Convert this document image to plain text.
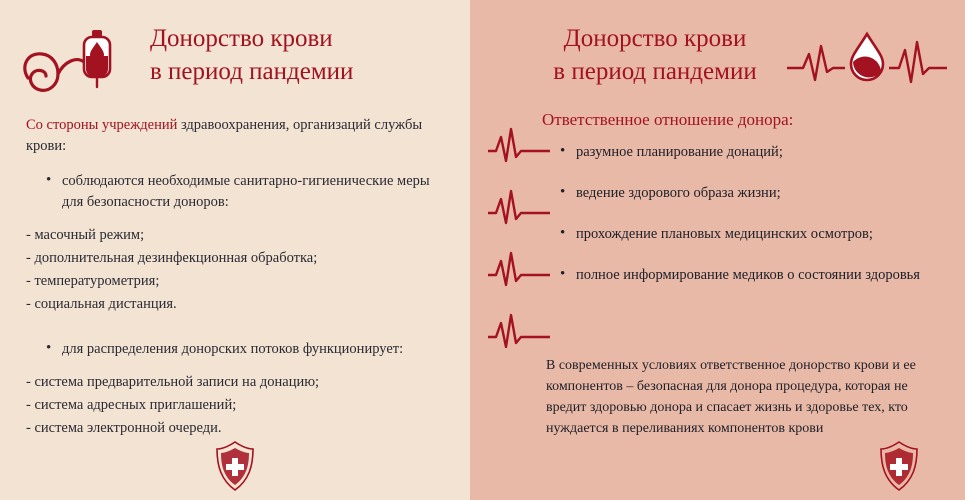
Донорство крови
в период пандемии

Со стороны учреждений здравоохранения, организаций службы крови:

• соблюдаются необходимые санитарно-гигиенические меры для безопасности доноров:
- масочный режим;
- дополнительная дезинфекционная обработка;
- температурометрия;
- социальная дистанция.
• для распределения донорских потоков функционирует:
- система предварительной записи на донацию;
- система адресных приглашений;
- система электронной очереди.
Донорство крови
в период пандемии
Ответственное отношение донора:
• разумное планирование донаций;
• ведение здорового образа жизни;
• прохождение плановых медицинских осмотров;
• полное информирование медиков о состоянии здоровья
В современных условиях ответственное донорство крови и ее компонентов – безопасная для донора процедура, которая не вредит здоровью донора и спасает жизнь и здоровье тех, кто нуждается в переливаниях компонентов крови
